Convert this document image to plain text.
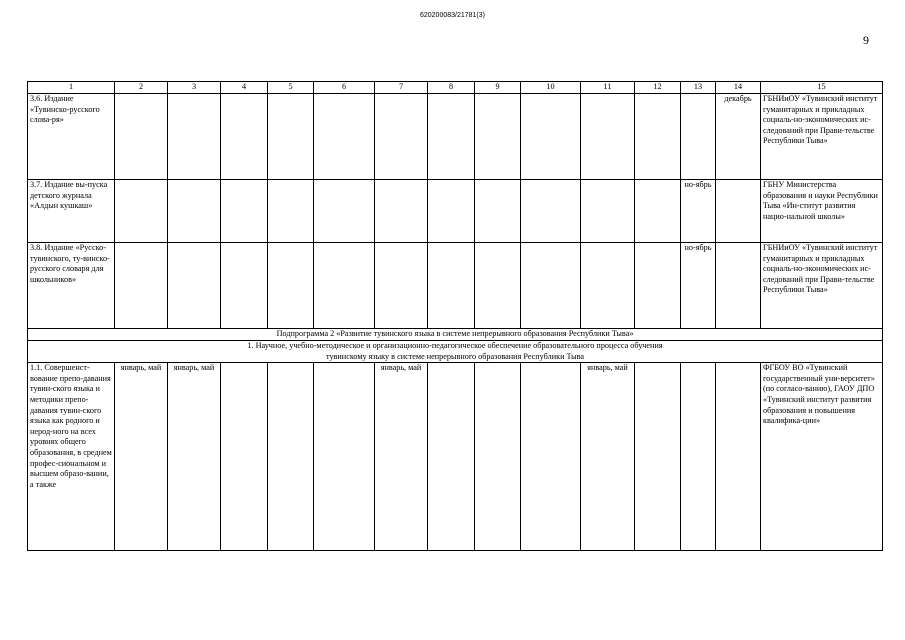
620200083/21781(3)
9
1	2	3	4	5	6	7	8	9	10	11	12	13	14	15
3.6. Издание «Тувинско-русского слова-ря»													декабрь	ГБНИиОУ «Тувинский институт гуманитарных и прикладных социаль-но-экономических ис-следований при Прави-тельстве Республики Тыва»
3.7. Издание вы-пуска детского журнала «Алдын кушкаш»												но-ябрь		ГБНУ Министерства образования и науки Республики Тыва «Ин-ститут развития нацио-нальной школы»
3.8. Издание «Русско-тувинского, ту-винско-русского словаря для школьников»												но-ябрь		ГБНИиОУ «Тувинский институт гуманитарных и прикладных социаль-но-экономических ис-следований при Прави-тельстве Республики Тыва»
Подпрограмма 2 «Развитие тувинского языка в системе непрерывного образования Республики Тыва»														

1. Научное, учебно-методическое и организационно-педагогическое обеспечение образовательного процесса обучения
тувинскому языку в системе непрерывного образования Республики Тыва														

1.1. Совершенст-вование препо-давания тувин-ского языка и методики препо-давания тувин-ского языка как родного и нерод-ного на всех уровнях общего образования, в среднем профес-сиональном и высшем образо-вании, а также	январь, май	январь, май				январь, май				январь, май				ФГБОУ ВО «Тувинский государственный уни-верситет» (по согласо-ванию), ГАОУ ДПО «Тувинский институт развития образования и повышения квалифика-ции»
